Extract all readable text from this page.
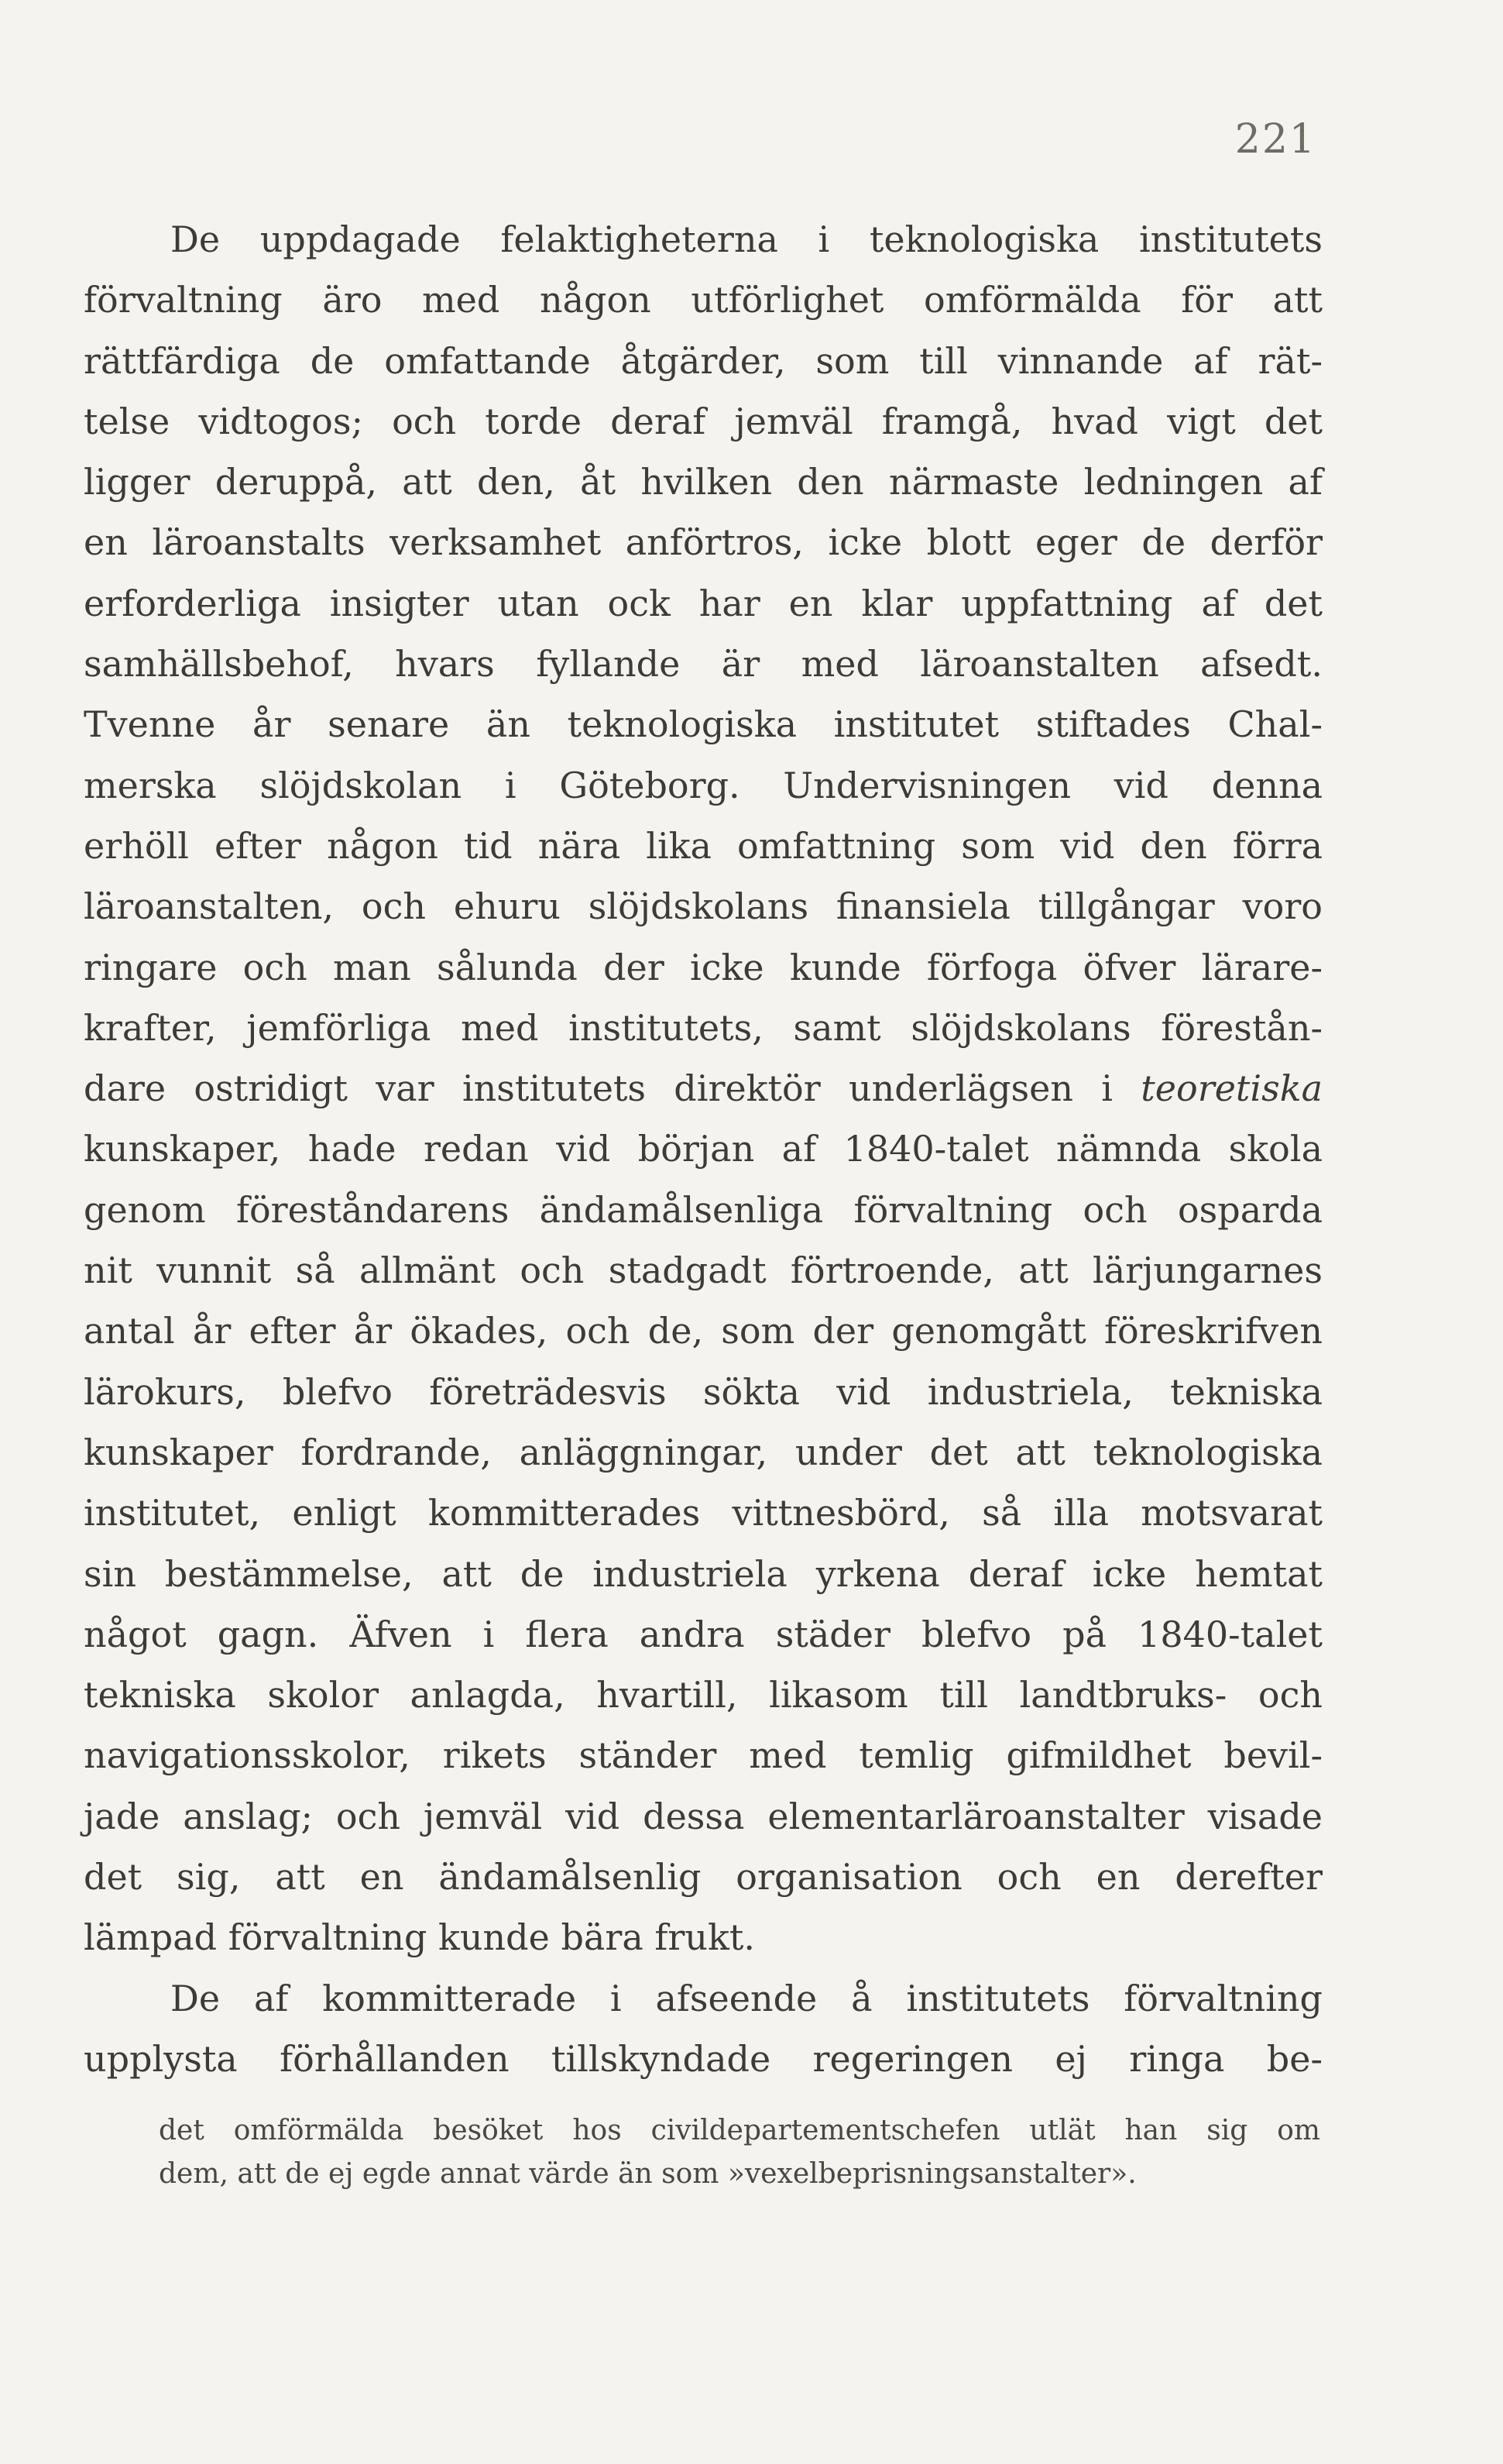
221
De uppdagade felaktigheterna i teknologiska institutets
förvaltning äro med någon utförlighet omförmälda för att
rättfärdiga de omfattande åtgärder, som till vinnande af rät-
telse vidtogos; och torde deraf jemväl framgå, hvad vigt det
ligger deruppå, att den, åt hvilken den närmaste ledningen af
en läroanstalts verksamhet anförtros, icke blott eger de derför
erforderliga insigter utan ock har en klar uppfattning af det
samhällsbehof, hvars fyllande är med läroanstalten afsedt.
Tvenne år senare än teknologiska institutet stiftades Chal-
merska slöjdskolan i Göteborg. Undervisningen vid denna
erhöll efter någon tid nära lika omfattning som vid den förra
läroanstalten, och ehuru slöjdskolans finansiela tillgångar voro
ringare och man sålunda der icke kunde förfoga öfver lärare-
krafter, jemförliga med institutets, samt slöjdskolans förestån-
dare ostridigt var institutets direktör underlägsen i teoretiska
kunskaper, hade redan vid början af 1840-talet nämnda skola
genom föreståndarens ändamålsenliga förvaltning och osparda
nit vunnit så allmänt och stadgadt förtroende, att lärjungarnes
antal år efter år ökades, och de, som der genomgått föreskrifven
lärokurs, blefvo företrädesvis sökta vid industriela, tekniska
kunskaper fordrande, anläggningar, under det att teknologiska
institutet, enligt kommitterades vittnesbörd, så illa motsvarat
sin bestämmelse, att de industriela yrkena deraf icke hemtat
något gagn. Äfven i flera andra städer blefvo på 1840-talet
tekniska skolor anlagda, hvartill, likasom till landtbruks- och
navigationsskolor, rikets ständer med temlig gifmildhet bevil-
jade anslag; och jemväl vid dessa elementarläroanstalter visade
det sig, att en ändamålsenlig organisation och en derefter
lämpad förvaltning kunde bära frukt.
De af kommitterade i afseende å institutets förvaltning
upplysta förhållanden tillskyndade regeringen ej ringa be-
det omförmälda besöket hos civildepartementschefen utlät han sig om
dem, att de ej egde annat värde än som »vexelbeprisningsanstalter».
